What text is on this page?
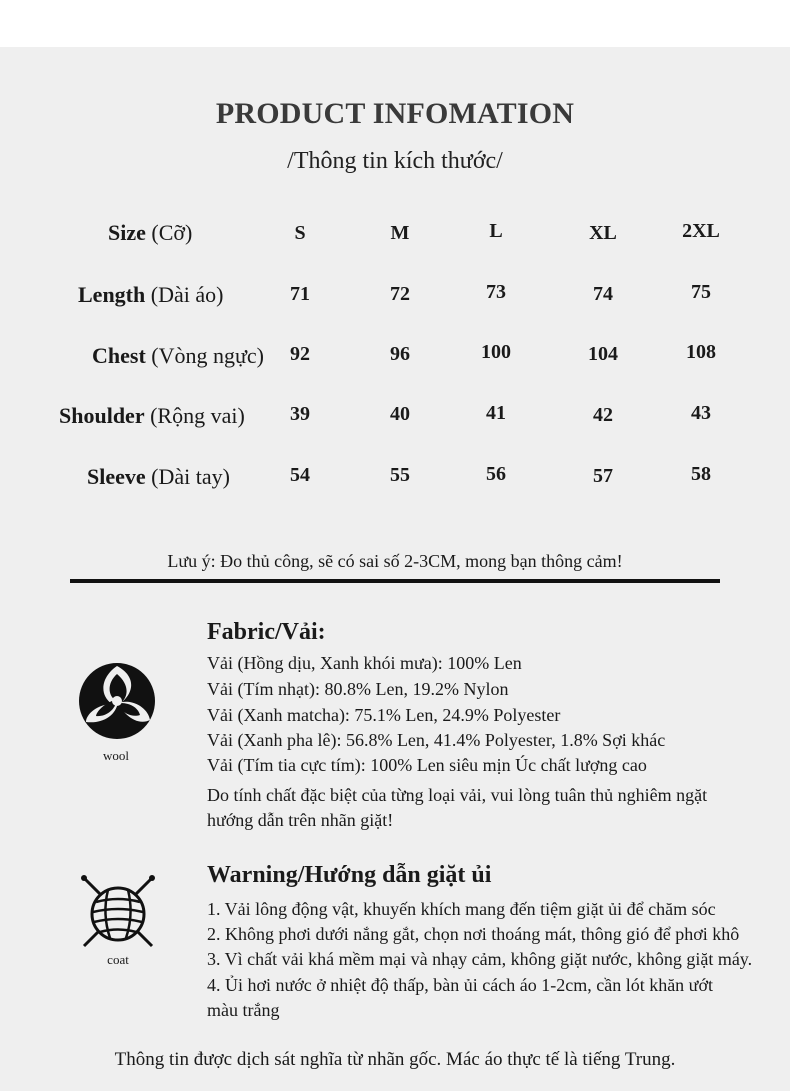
PRODUCT INFOMATION
/Thông tin kích thước/
Size (Cỡ)	S	M	L	XL	2XL
Length (Dài áo)	71	72	73	74	75
Chest (Vòng ngực)	92	96	100	104	108
Shoulder (Rộng vai)	39	40	41	42	43
Sleeve (Dài tay)	54	55	56	57	58
Lưu ý: Đo thủ công, sẽ có sai số 2-3CM, mong bạn thông cảm!
wool
Fabric/Vải:
Vải (Hồng dịu, Xanh khói mưa): 100% Len
Vải (Tím nhạt): 80.8% Len, 19.2% Nylon
Vải (Xanh matcha): 75.1% Len, 24.9% Polyester
Vải (Xanh pha lê): 56.8% Len, 41.4% Polyester, 1.8% Sợi khác
Vải (Tím tia cực tím): 100% Len siêu mịn Úc chất lượng cao
Do tính chất đặc biệt của từng loại vải, vui lòng tuân thủ nghiêm ngặt
hướng dẫn trên nhãn giặt!
coat
Warning/Hướng dẫn giặt ủi
1. Vải lông động vật, khuyến khích mang đến tiệm giặt ủi để chăm sóc
2. Không phơi dưới nắng gắt, chọn nơi thoáng mát, thông gió để phơi khô
3. Vì chất vải khá mềm mại và nhạy cảm, không giặt nước, không giặt máy.
4. Ủi hơi nước ở nhiệt độ thấp, bàn ủi cách áo 1-2cm, cần lót khăn ướt
màu trắng
Thông tin được dịch sát nghĩa từ nhãn gốc. Mác áo thực tế là tiếng Trung.
